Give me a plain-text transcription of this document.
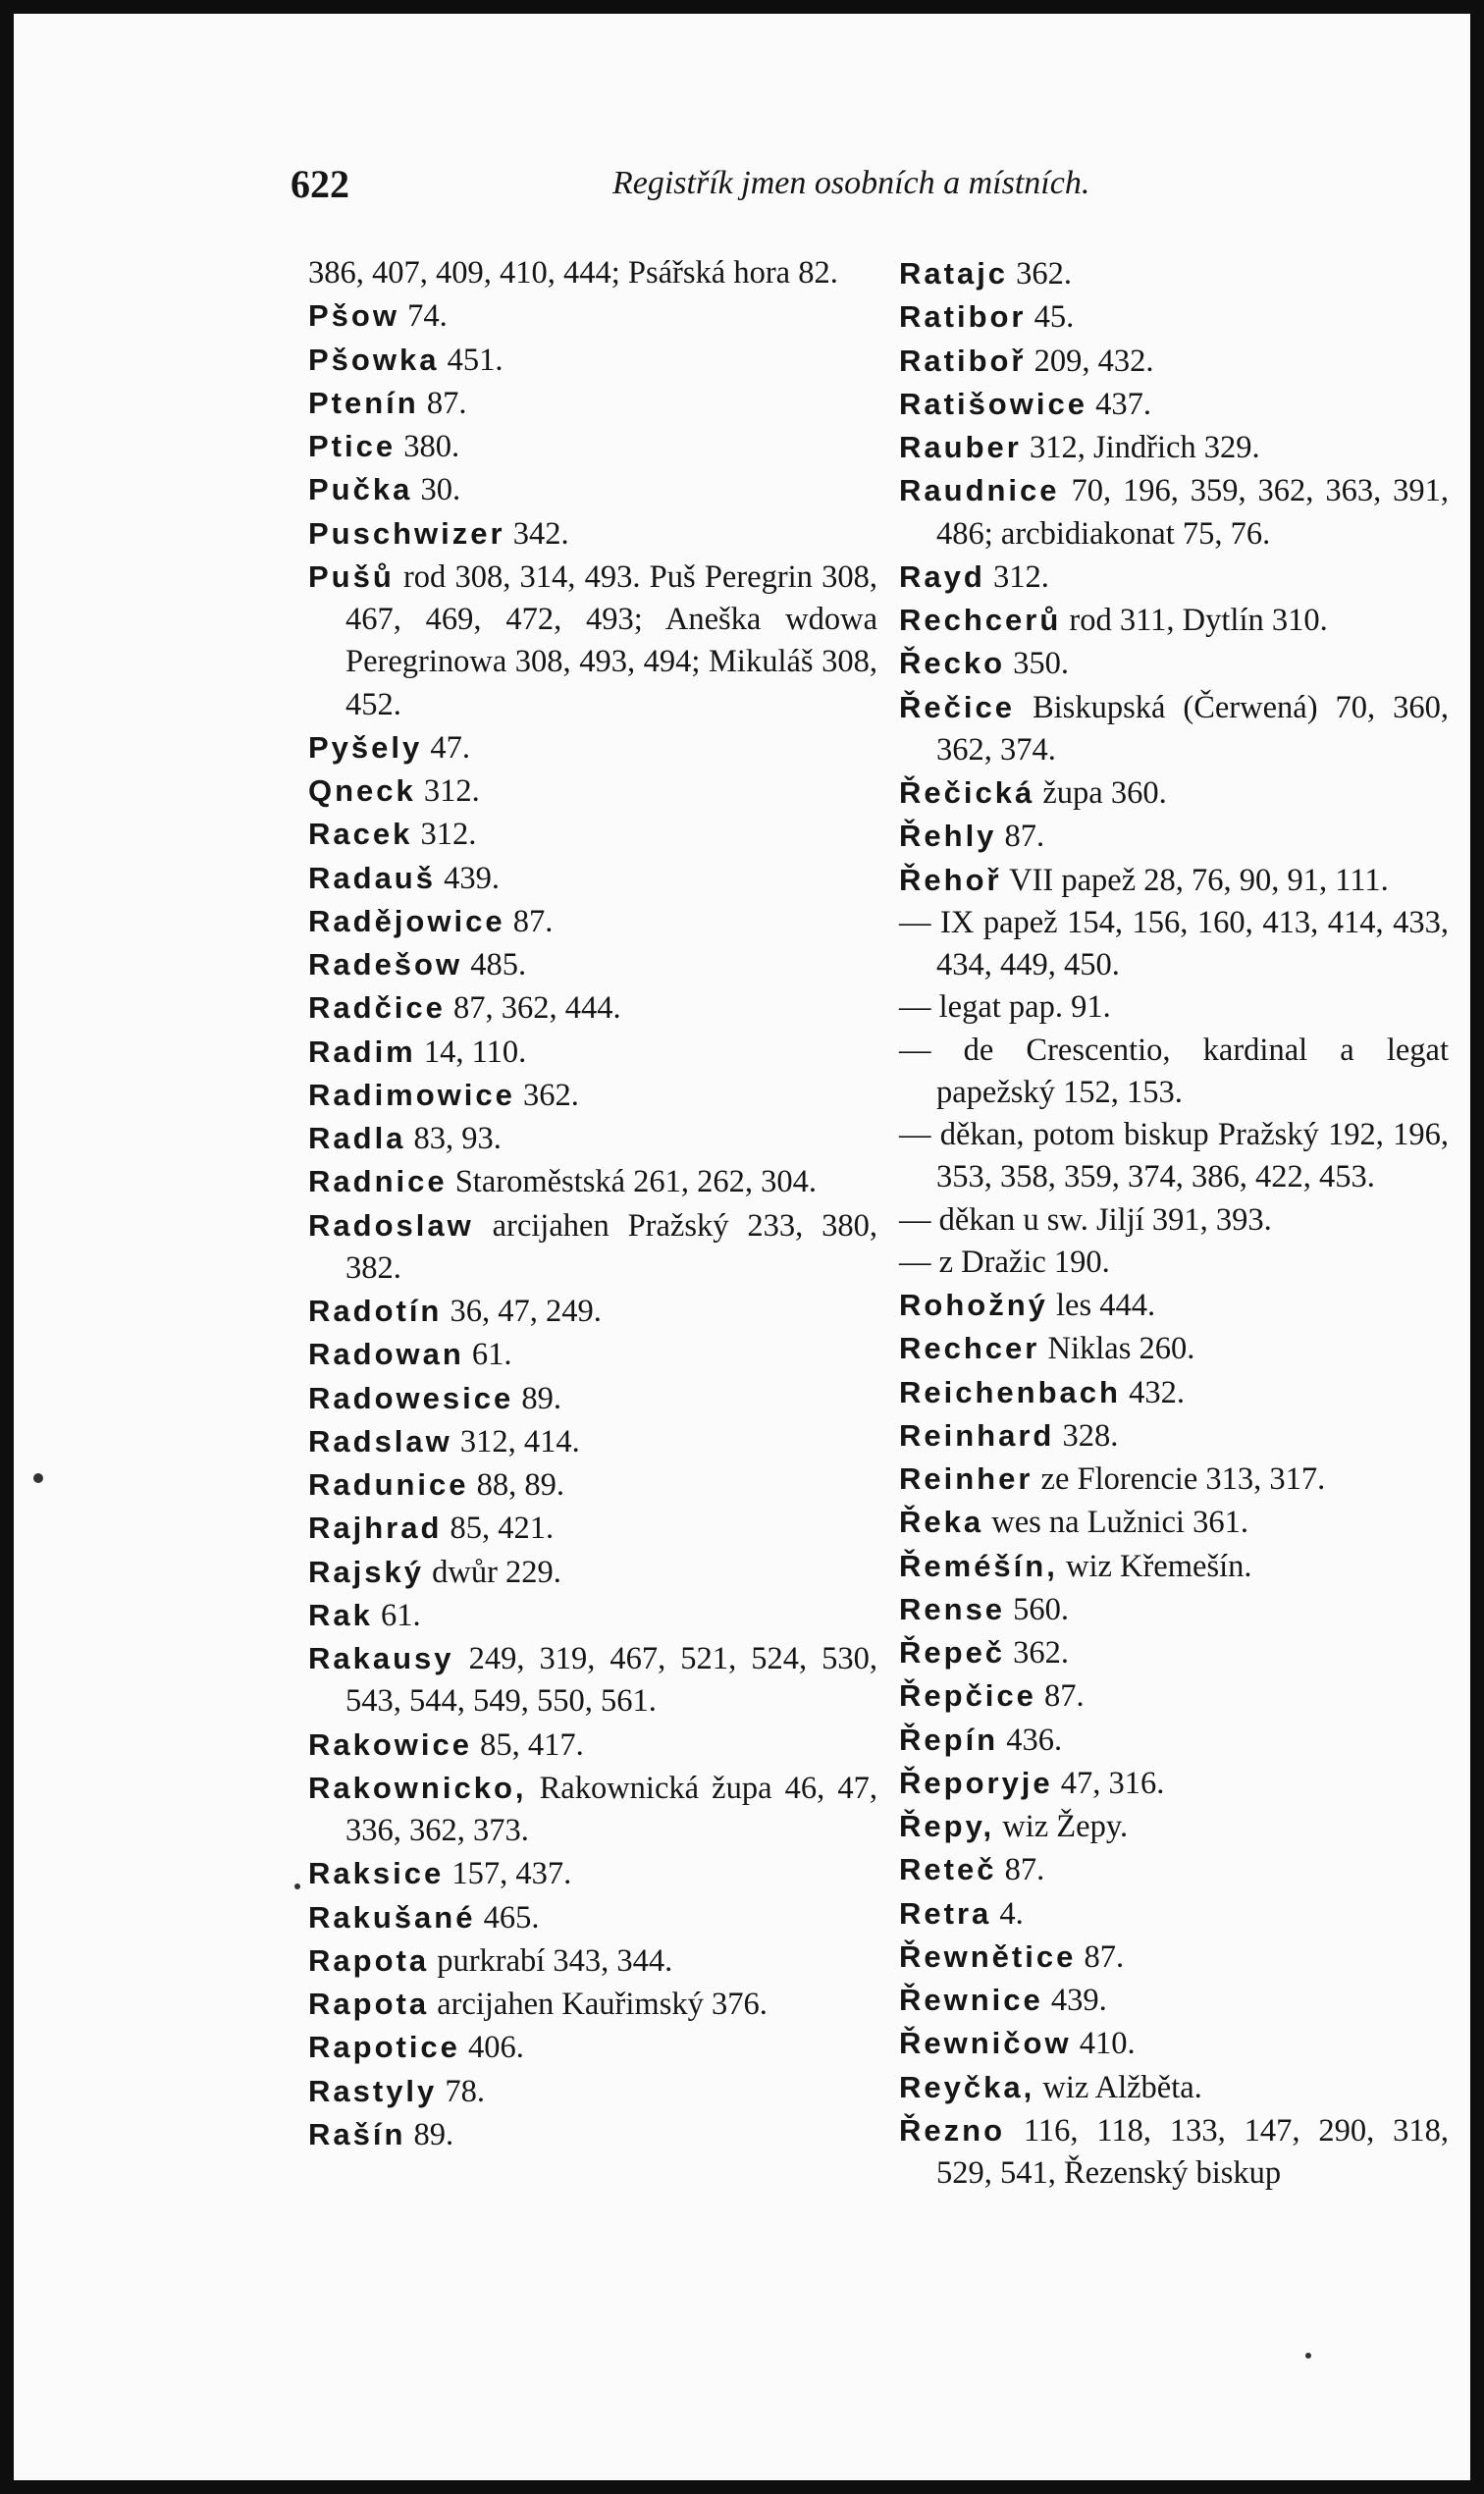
622	Registřík jmen osobních a místních.

386, 407, 409, 410, 444; Psářská hora 82.

Pšow 74.

Pšowka 451.

Ptenín 87.

Ptice 380.

Pučka 30.

Puschwizer 342.

Pušů rod 308, 314, 493. Puš Peregrin 308, 467, 469, 472, 493; Aneška wdowa Peregrinowa 308, 493, 494; Mikuláš 308, 452.

Pyšely 47.

Qneck 312.

Racek 312.

Radauš 439.

Radějowice 87.

Radešow 485.

Radčice 87, 362, 444.

Radim 14, 110.

Radimowice 362.

Radla 83, 93.

Radnice Staroměstská 261, 262, 304.

Radoslaw arcijahen Pražský 233, 380, 382.

Radotín 36, 47, 249.

Radowan 61.

Radowesice 89.

Radslaw 312, 414.

Radunice 88, 89.

Rajhrad 85, 421.

Rajský dwůr 229.

Rak 61.

Rakausy 249, 319, 467, 521, 524, 530, 543, 544, 549, 550, 561.

Rakowice 85, 417.

Rakownicko, Rakownická župa 46, 47, 336, 362, 373.

Raksice 157, 437.

Rakušané 465.

Rapota purkrabí 343, 344.

Rapota arcijahen Kauřimský 376.

Rapotice 406.

Rastyly 78.

Rašín 89.

Ratajc 362.

Ratibor 45.

Ratiboř 209, 432.

Ratišowice 437.

Rauber 312, Jindřich 329.

Raudnice 70, 196, 359, 362, 363, 391, 486; arcbidiakonat 75, 76.

Rayd 312.

Rechcerů rod 311, Dytlín 310.

Řecko 350.

Řečice Biskupská (Čerwená) 70, 360, 362, 374.

Řečická župa 360.

Řehly 87.

Řehoř VII papež 28, 76, 90, 91, 111.

— IX papež 154, 156, 160, 413, 414, 433, 434, 449, 450.

— legat pap. 91.

— de Crescentio, kardinal a legat papežský 152, 153.

— děkan, potom biskup Pražský 192, 196, 353, 358, 359, 374, 386, 422, 453.

— děkan u sw. Jiljí 391, 393.

— z Dražic 190.

Rohožný les 444.

Rechcer Niklas 260.

Reichenbach 432.

Reinhard 328.

Reinher ze Florencie 313, 317.

Řeka wes na Lužnici 361.

Řeméšín, wiz Křemešín.

Rense 560.

Řepeč 362.

Řepčice 87.

Řepín 436.

Řeporyje 47, 316.

Řepy, wiz Žepy.

Reteč 87.

Retra 4.

Řewnětice 87.

Řewnice 439.

Řewničow 410.

Reyčka, wiz Alžběta.

Řezno 116, 118, 133, 147, 290, 318, 529, 541, Řezenský biskup
